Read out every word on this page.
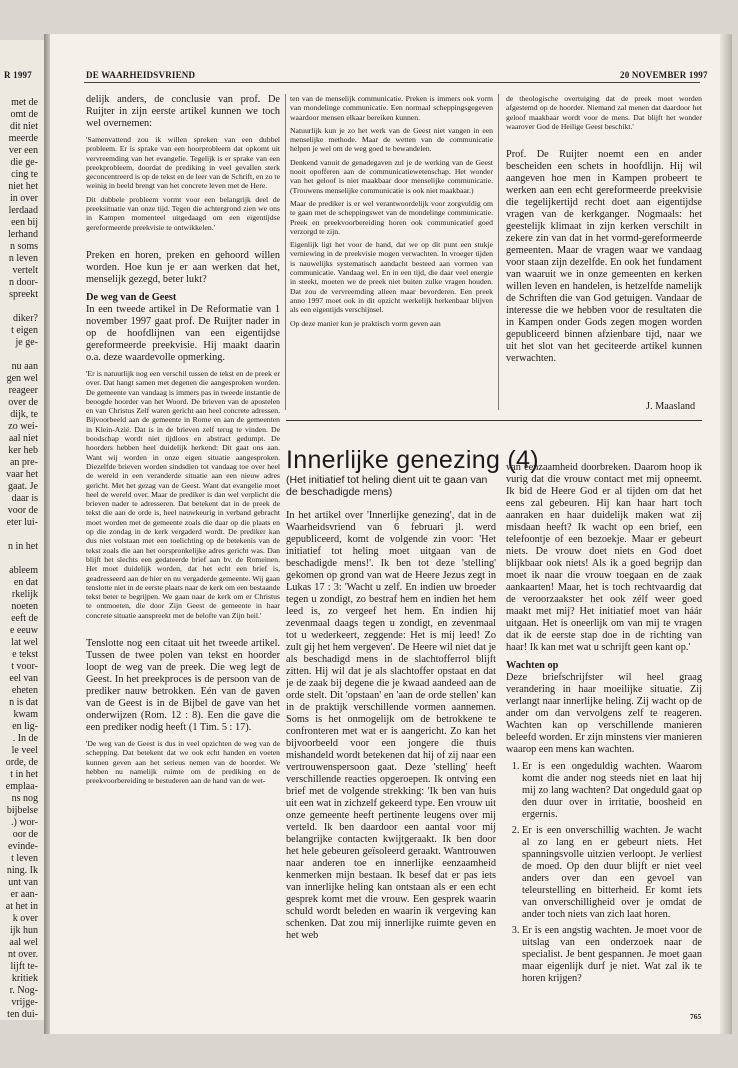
met de
omt de
dit niet
meerde
ver een
die ge-
cing te
niet het
in over
lerdaad
een bij
lerhand
n soms
n leven
vertelt
n door-
spreekt

diker?
t eigen
je ge-

nu aan
gen wel
reageer
over de
dijk, te
zo wei-
aal niet
ker heb
an pre-
vaar het
gaat. Je
daar is
voor de
eter lui-

n in het

ableem
en dat
rkelijk
noeten
eeft de
e eeuw
lat wel
e tekst
t voor-
eel van
eheten
n is dat
kwam
en lig-
. In de
le veel
orde, de
t in het
emplaa-
ns nog
bijbelse
.) wor-
oor de
evinde-
t leven
ning. Ik
unt van
er aan-
at het in
k over
ijk hun
aal wel
nt over.
lijft te-
kritiek
r. Nog-
vrijge-
ten dui-
R 1997	DE WAARHEIDSVRIEND	20 NOVEMBER 1997

delijk anders, de conclusie van prof. De Ruijter in zijn eerste artikel kunnen we toch wel overnemen:

'Samenvattend zou ik willen spreken van een dubbel probleem. Er is sprake van een hoorprobleem dat opkomt uit vervreemding van het evangelie. Tegelijk is er sprake van een preekprobleem, doordat de prediking in veel gevallen sterk geconcentreerd is op de tekst en de leer van de Schrift, en zo te weinig in beeld brengt van het concrete leven met de Here.

Dit dubbele probleem vormt voor een belangrijk deel de preeksituatie van onze tijd. Tegen die achtergrond zien we ons in Kampen momenteel uitgedaagd om een eigentijdse gereformeerde preekvisie te ontwikkelen.'

Preken en horen, preken en gehoord willen worden. Hoe kun je er aan werken dat het, menselijk gezegd, beter lukt?

De weg van de Geest

In een tweede artikel in De Reformatie van 1 november 1997 gaat prof. De Ruijter nader in op de hoofdlijnen van een eigentijdse gereformeerde preekvisie. Hij maakt daarin o.a. deze waardevolle opmerking.

'Er is natuurlijk nog een verschil tussen de tekst en de preek er over. Dat hangt samen met degenen die aangesproken worden. De gemeente van vandaag is immers pas in tweede instantie de beoogde hoorder van het Woord. De brieven van de apostelen en van Christus Zelf waren gericht aan heel concrete adressen. Bijvoorbeeld aan de gemeente in Rome en aan de gemeenten in Klein-Azië. Dat is in de brieven zelf terug te vinden. De boodschap wordt niet tijdloos en abstract gedumpt. De hoorders hebben heel duidelijk herkend: Dit gaat ons aan. Want wij worden in onze eigen situatie aangesproken. Diezelfde brieven worden sindsdien tot vandaag toe over heel de wereld in een veranderde situatie aan een nieuw adres gericht. Met het gezag van de Geest. Want dat evangelie moet heel de wereld over. Maar de prediker is dan wel verplicht die brieven nader te adresseren. Dat betekent dat in de preek de tekst die aan de orde is, heel nauwkeurig in verband gebracht moet worden met de gemeente zoals die daar op die plaats en op die zondag in de kerk vergaderd wordt. De prediker kan dus niet volstaan met een toelichting op de betekenis van de tekst zoals die aan het oorspronkelijke adres gericht was. Dan blijft het slechts een gedateerde brief aan bv. de Romeinen. Het moet duidelijk worden, dat het echt een brief is, geadresseerd aan de hier en nu vergaderde gemeente. Wij gaan tenslotte niet in de eerste plaats naar de kerk om een bestaande tekst beter te begrijpen. We gaan naar de kerk om er Christus te ontmoeten, die door Zijn Geest de gemeente in haar concrete situatie aanspreekt met de belofte van Zijn heil.'

Tenslotte nog een citaat uit het tweede artikel. Tussen de twee polen van tekst en hoorder loopt de weg van de preek. Die weg legt de Geest. In het preekproces is de persoon van de prediker nauw betrokken. Eén van de gaven van de Geest is in de Bijbel de gave van het onderwijzen (Rom. 12 : 8). Een die gave die een prediker nodig heeft (1 Tim. 5 : 17).

'De weg van de Geest is dus in veel opzichten de weg van de schepping. Dat betekent dat we ook echt handen en voeten kunnen geven aan het serieus nemen van de hoorder. We hebben nu namelijk ruimte om de prediking en de preekvoorbereiding te bestuderen aan de hand van de wet-

ten van de menselijk communicatie. Preken is immers ook vorm van mondelinge communicatie. Een normaal scheppingsgegeven waardoor mensen elkaar bereiken kunnen.

Natuurlijk kun je zo het werk van de Geest niet vangen in een menselijke methode. Maar de wetten van de communicatie helpen je wel om de weg goed te bewandelen.

Denkend vanuit de genadegaven zul je de werking van de Geest nooit opofferen aan de communicatiewetenschap. Het wonder van het geloof is niet maakbaar door menselijke communicatie. (Trouwens menselijke communicatie is ook niet maakbaar.)

Maar de prediker is er wel verantwoordelijk voor zorgvuldig om te gaan met de scheppingswet van de mondelinge communicatie. Preek en preekvoorbereiding horen ook communicatief goed verzorgd te zijn.

Eigenlijk ligt het voor de hand, dat we op dit punt een stukje verniewing in de preekvisie mogen verwachten. In vroeger tijden is nauwelijks systematisch aandacht besteed aan vormen van communicatie. Vandaag wel. En in een tijd, die daar veel energie in steekt, moeten we de preek niet buiten zulke vragen houden. Dat zou de vervreemding alleen maar bevorderen. Een preek anno 1997 moet ook in dit opzicht werkelijk herkenbaar blijven als een eigentijds verschijnsel.

Op deze manier kun je praktisch vorm geven aan

de theologische overtuiging dat de preek moet worden afgestemd op de hoorder. Niemand zal menen dat daardoor het geloof maakbaar wordt voor de mens. Dat blijft het wonder waarover God de Heilige Geest beschikt.'

Prof. De Ruijter noemt een en ander bescheiden een schets in hoofdlijn. Hij wil aangeven hoe men in Kampen probeert te werken aan een echt gereformeerde preekvisie die tegelijkertijd recht doet aan eigentijdse vragen van de kerkganger. Nogmaals: het geestelijk klimaat in zijn kerken verschilt in zekere zin van dat in het vormd-gereformeerde gemeenten. Maar de vragen waar we vandaag voor staan zijn dezelfde. En ook het fundament van waaruit we in onze gemeenten en kerken willen leven en handelen, is hetzelfde namelijk de Schriften die van God getuigen. Vandaar de interesse die we hebben voor de resultaten die in Kampen onder Gods zegen mogen worden gepubliceerd binnen afzienbare tijd, naar we uit het slot van het geciteerde artikel kunnen verwachten.

J. Maasland
Innerlijke genezing (4)
(Het initiatief tot heling dient uit te gaan van de beschadigde mens)

In het artikel over 'Innerlijke genezing', dat in de Waarheidsvriend van 6 februari jl. werd gepubliceerd, komt de volgende zin voor: 'Het initiatief tot heling moet uitgaan van de beschadigde mens!'. Ik ben tot deze 'stelling' gekomen op grond van wat de Heere Jezus zegt in Lukas 17 : 3: 'Wacht u zelf. En indien uw broeder tegen u zondigt, zo bestraf hem en indien het hem leed is, zo vergeef het hem. En indien hij zevenmaal daags tegen u zondigt, en zevenmaal tot u wederkeert, zeggende: Het is mij leed! Zo zult gij het hem vergeven'. De Heere wil niet dat je als beschadigd mens in de slachtofferrol blijft zitten. Hij wil dat je als slachtoffer opstaat en dat je de zaak bij degene die je kwaad aandeed aan de orde stelt. Dit 'opstaan' en 'aan de orde stellen' kan in de praktijk verschillende vormen aannemen. Soms is het onmogelijk om de betrokkene te confronteren met wat er is aangericht. Zo kan het bijvoorbeeld voor een jongere die thuis mishandeld wordt betekenen dat hij of zij naar een vertrouwenspersoon gaat. Deze 'stelling' heeft verschillende reacties opgeroepen. Ik ontving een brief met de volgende strekking: 'Ik ben van huis uit een wat in zichzelf gekeerd type. Een vrouw uit onze gemeente heeft pertinente leugens over mij verteld. Ik ben daardoor een aantal voor mij belangrijke contacten kwijtgeraakt. Ik ben door het hele gebeuren geïsoleerd geraakt. Wantrouwen naar anderen toe en innerlijke eenzaamheid kenmerken mijn bestaan. Ik besef dat er pas iets van innerlijke heling kan ontstaan als er een echt gesprek komt met die vrouw. Een gesprek waarin schuld wordt beleden en waarin ik vergeving kan schenken. Dat zou mij innerlijke ruimte geven en het web

van eenzaamheid doorbreken. Daarom hoop ik vurig dat die vrouw contact met mij opneemt. Ik bid de Heere God er al tijden om dat het eens zal gebeuren. Hij kan haar hart toch aanraken en haar duidelijk maken wat zij misdaan heeft? Ik wacht op een brief, een telefoontje of een bezoekje. Maar er gebeurt niets. De vrouw doet niets en God doet blijkbaar ook niets! Als ik a goed begrijp dan moet ik naar die vrouw toegaan en de zaak aankaarten! Maar, het is toch rechtvaardig dat de veroorzaakster het ook zélf weer goed maakt met mij? Het initiatief moet van háár uitgaan. Het is oneerlijk om van mij te vragen dat ik de eerste stap doe in de richting van haar! Ik kan met wat u schrijft geen kant op.'

Wachten op

Deze briefschrijfster wil heel graag verandering in haar moeilijke situatie. Zij verlangt naar innerlijke heling. Zij wacht op de ander om dan vervolgens zelf te reageren. Wachten kan op verschillende manieren beleefd worden. Er zijn minstens vier manieren waarop een mens kan wachten.

1. Er is een ongeduldig wachten. Waarom komt die ander nog steeds niet en laat hij mij zo lang wachten? Dat ongeduld gaat op den duur over in irritatie, boosheid en ergernis.
2. Er is een onverschillig wachten. Je wacht al zo lang en er gebeurt niets. Het spanningsvolle uitzien verloopt. Je verliest de moed. Op den duur blijft er niet veel anders over dan een gevoel van teleurstelling en bitterheid. Er komt iets van onverschilligheid over je omdat de ander toch niets van zich laat horen.
3. Er is een angstig wachten. Je moet voor de uitslag van een onderzoek naar de specialist. Je bent gespannen. Je moet gaan maar eigenlijk durf je niet. Wat zal ik te horen krijgen?
765
